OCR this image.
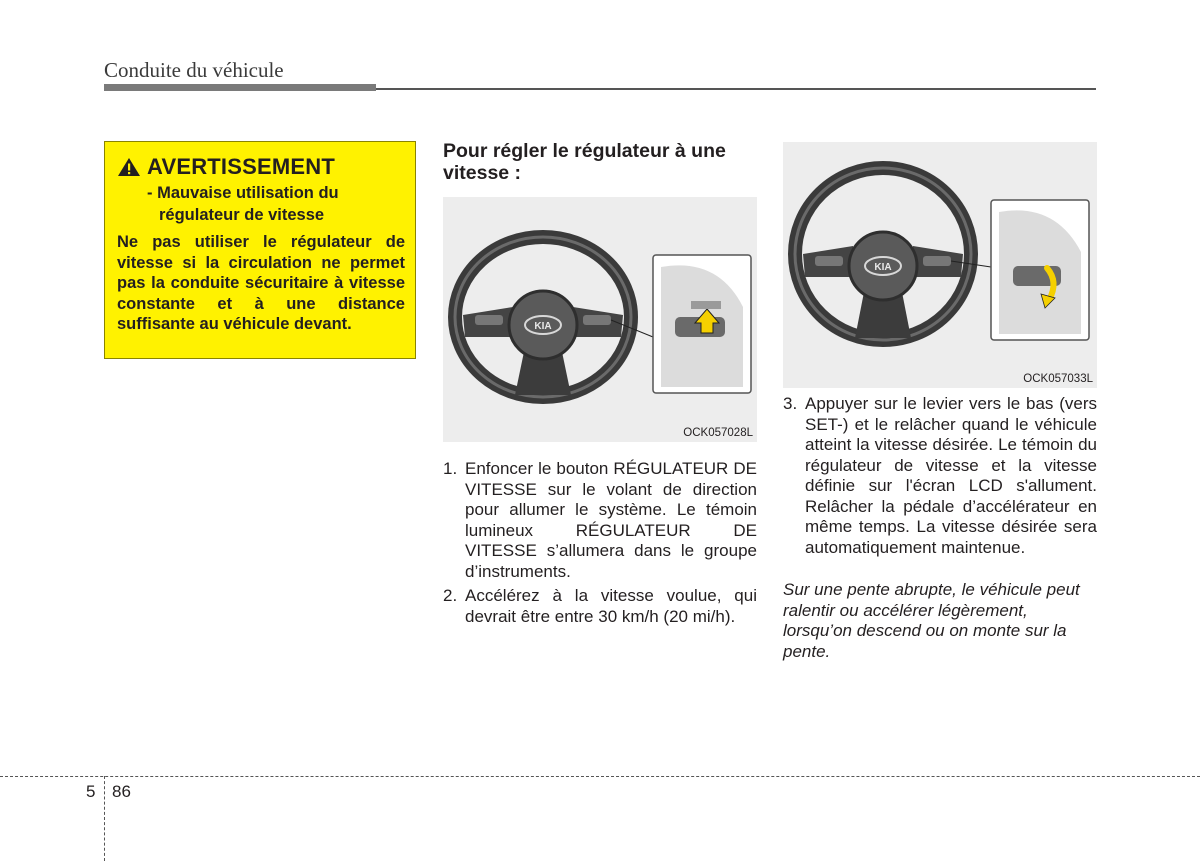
Conduite du véhicule
AVERTISSEMENT
- Mauvaise utilisation du
régulateur de vitesse
Ne pas utiliser le régulateur de vitesse si la circulation ne permet pas la conduite sécuritaire à vitesse constante et à une distance suffisante au véhicule devant.
Pour régler le régulateur à une vitesse :
KIA
OCK057028L
KIA
OCK057033L
1. Enfoncer le bouton RÉGULATEUR DE VITESSE sur le volant de direction pour allumer le système. Le témoin lumineux RÉGULATEUR DE VITESSE s’allumera dans le groupe d’instruments.
2. Accélérez à la vitesse voulue, qui devrait être entre 30 km/h (20 mi/h).
3. Appuyer sur le levier vers le bas (vers SET-) et le relâcher quand le véhicule atteint la vitesse désirée. Le témoin du régulateur de vitesse et la vitesse définie sur l'écran LCD s'allument. Relâcher la pédale d’accélérateur en même temps. La vitesse désirée sera automatiquement maintenue.
Sur une pente abrupte, le véhicule peut ralentir ou accélérer légèrement, lorsqu’on descend ou on monte sur la pente.
5 86
